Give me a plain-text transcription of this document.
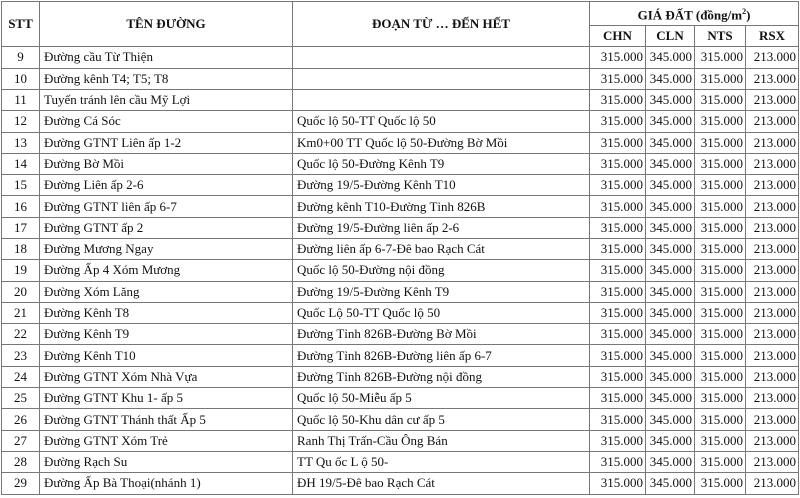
STT	TÊN ĐƯỜNG	ĐOẠN TỪ … ĐẾN HẾT	GIÁ ĐẤT $(đồng/m^2)$			
			CHN	CLN	NTS	RSX
9	Đường cầu Từ Thiện		315.000	345.000	315.000	213.000
10	Đường kênh T4; T5; T8		315.000	345.000	315.000	213.000
11	Tuyến tránh lên cầu Mỹ Lợi		315.000	345.000	315.000	213.000
12	Đường Cá Sóc	Quốc lộ 50-TT Quốc lộ 50	315.000	345.000	315.000	213.000
13	Đường GTNT Liên ấp 1-2	Km0+00 TT Quốc lộ 50-Đường Bờ Mồi	315.000	345.000	315.000	213.000
14	Đường Bờ Mồi	Quốc lộ 50-Đường Kênh T9	315.000	345.000	315.000	213.000
15	Đường Liên ấp 2-6	Đường 19/5-Đường Kênh T10	315.000	345.000	315.000	213.000
16	Đường GTNT liên ấp 6-7	Đường kênh T10-Đường Tỉnh 826B	315.000	345.000	315.000	213.000
17	Đường GTNT ấp 2	Đường 19/5-Đường liên ấp 2-6	315.000	345.000	315.000	213.000
18	Đường Mương Ngay	Đường liên ấp 6-7-Đê bao Rạch Cát	315.000	345.000	315.000	213.000
19	Đường Ấp 4 Xóm Mương	Quốc lộ 50-Đường nội đồng	315.000	345.000	315.000	213.000
20	Đường Xóm Lăng	Đường 19/5-Đường Kênh T9	315.000	345.000	315.000	213.000
21	Đường Kênh T8	Quốc Lộ 50-TT Quốc lộ 50	315.000	345.000	315.000	213.000
22	Đường Kênh T9	Đường Tỉnh 826B-Đường Bờ Mồi	315.000	345.000	315.000	213.000
23	Đường Kênh T10	Đường Tỉnh 826B-Đường liên ấp 6-7	315.000	345.000	315.000	213.000
24	Đường GTNT Xóm Nhà Vựa	Đường Tỉnh 826B-Đường nội đồng	315.000	345.000	315.000	213.000
25	Đường GTNT Khu 1- ấp 5	Quốc lộ 50-Miễu ấp 5	315.000	345.000	315.000	213.000
26	Đường GTNT Thánh thất Ấp 5	Quốc lộ 50-Khu dân cư ấp 5	315.000	345.000	315.000	213.000
27	Đường GTNT Xóm Trẻ	Ranh Thị Trấn-Cầu Ông Bán	315.000	345.000	315.000	213.000
28	Đường Rạch Su	TT Qu ốc L ộ 50-	315.000	345.000	315.000	213.000
29	Đường Ấp Bà Thoại(nhánh 1)	ĐH 19/5-Đê bao Rạch Cát	315.000	345.000	315.000	213.000
